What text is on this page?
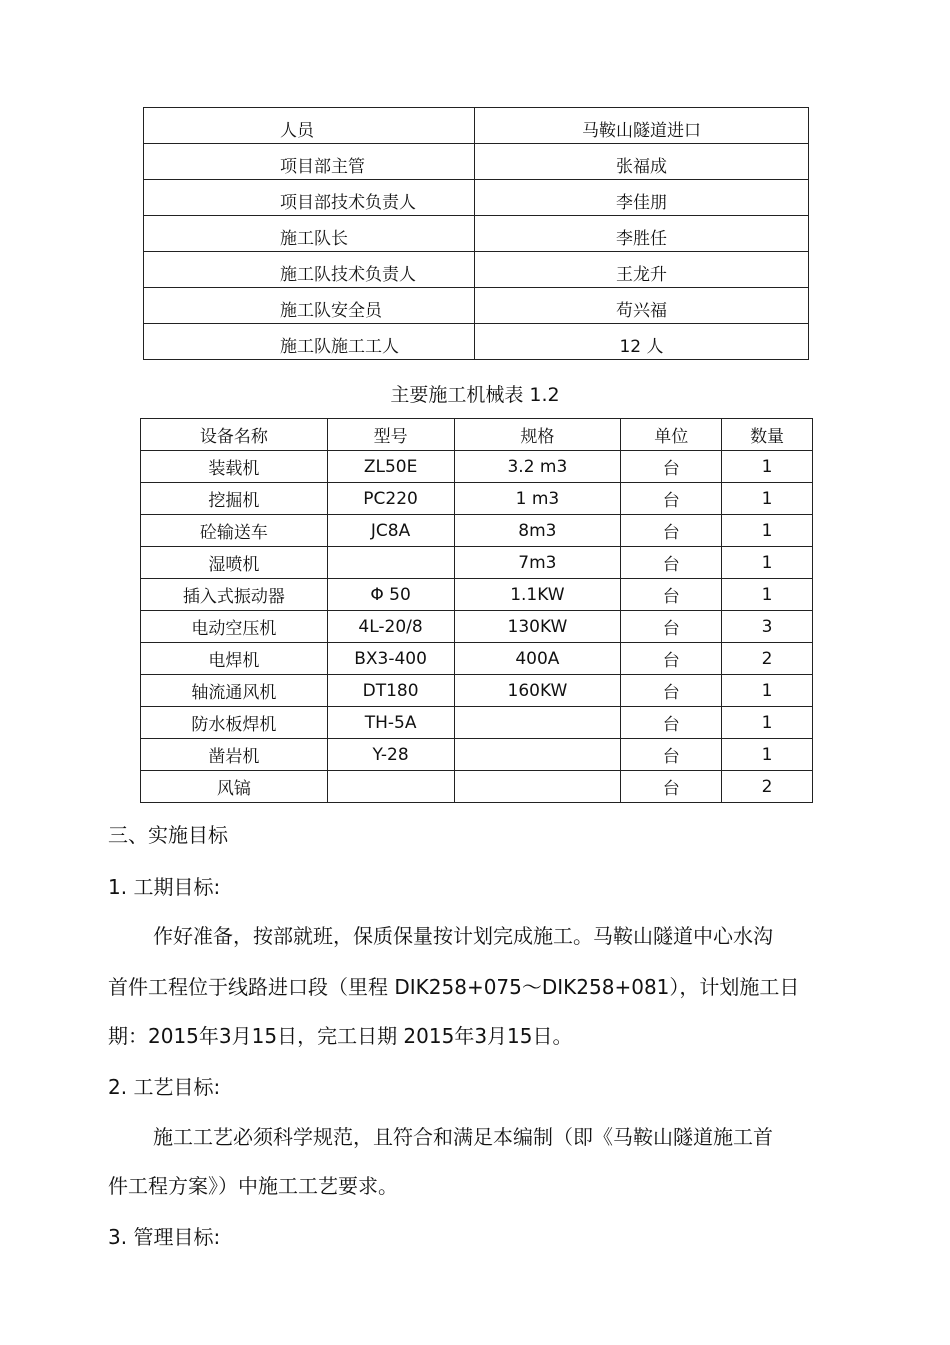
人员	马鞍山隧道进口
项目部主管	张福成
项目部技术负责人	李佳朋
施工队长	李胜任
施工队技术负责人	王龙升
施工队安全员	苟兴福
施工队施工工人	12 人
主要施工机械表 1.2
设备名称	型号	规格	单位	数量
装载机	ZL50E	3.2 m3	台	1
挖掘机	PC220	1 m3	台	1
砼输送车	JC8A	8m3	台	1
湿喷机		7m3	台	1
插入式振动器	Φ 50	1.1KW	台	1
电动空压机	4L-20/8	130KW	台	3
电焊机	BX3-400	400A	台	2
轴流通风机	DT180	160KW	台	1
防水板焊机	TH-5A		台	1
凿岩机	Y-28		台	1
风镐			台	2
三、实施目标
1. 工期目标:
作好准备，按部就班，保质保量按计划完成施工。马鞍山隧道中心水沟
首件工程位于线路进口段（里程 DIK258+075～DIK258+081），计划施工日
期：2015年3月15日，完工日期 2015年3月15日。
2. 工艺目标:
施工工艺必须科学规范，且符合和满足本编制（即《马鞍山隧道施工首
件工程方案》）中施工工艺要求。
3. 管理目标:
